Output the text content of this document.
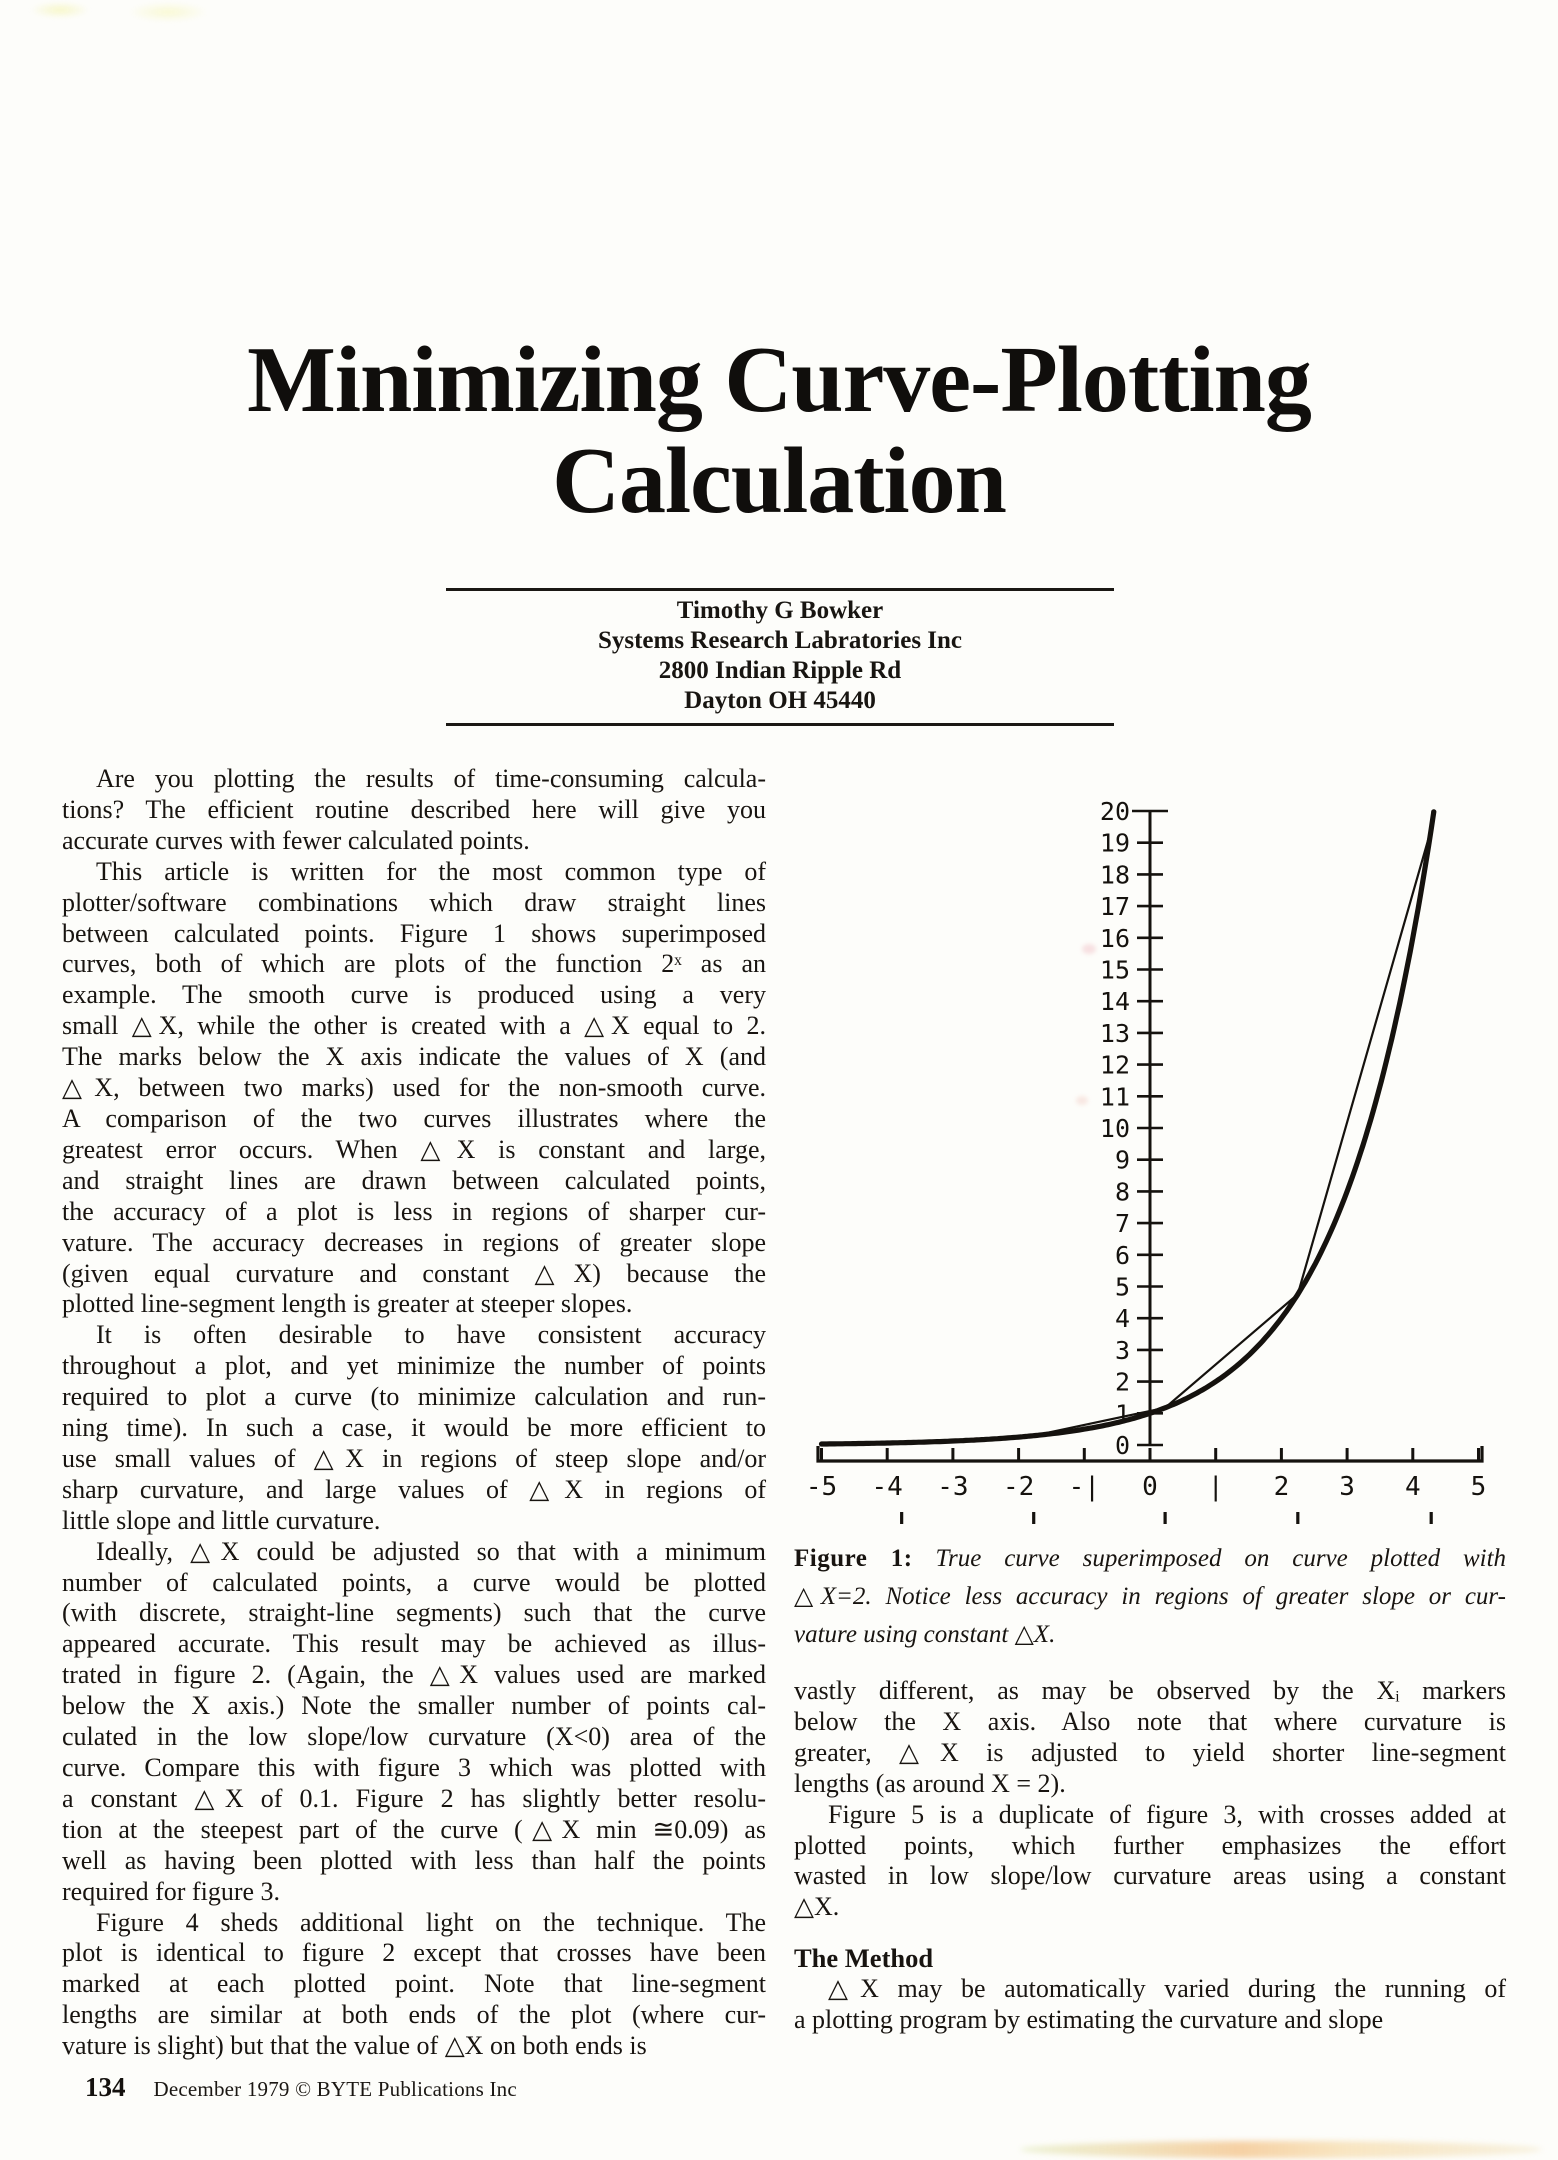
Minimizing Curve-Plotting
Calculation
Timothy G Bowker
Systems Research Labratories Inc
2800 Indian Ripple Rd
Dayton OH 45440
Are you plotting the results of time-consuming calcula-
tions? The efficient routine described here will give you
accurate curves with fewer calculated points.
This article is written for the most common type of
plotter/software combinations which draw straight lines
between calculated points. Figure 1 shows superimposed
curves, both of which are plots of the function 2ˣ as an
example. The smooth curve is produced using a very
small △X, while the other is created with a △X equal to 2.
The marks below the X axis indicate the values of X (and
△X, between two marks) used for the non-smooth curve.
A comparison of the two curves illustrates where the
greatest error occurs. When △X is constant and large,
and straight lines are drawn between calculated points,
the accuracy of a plot is less in regions of sharper cur-
vature. The accuracy decreases in regions of greater slope
(given equal curvature and constant △X) because the
plotted line-segment length is greater at steeper slopes.
It is often desirable to have consistent accuracy
throughout a plot, and yet minimize the number of points
required to plot a curve (to minimize calculation and run-
ning time). In such a case, it would be more efficient to
use small values of △X in regions of steep slope and/or
sharp curvature, and large values of △X in regions of
little slope and little curvature.
Ideally, △X could be adjusted so that with a minimum
number of calculated points, a curve would be plotted
(with discrete, straight-line segments) such that the curve
appeared accurate. This result may be achieved as illus-
trated in figure 2. (Again, the △X values used are marked
below the X axis.) Note the smaller number of points cal-
culated in the low slope/low curvature (X<0) area of the
curve. Compare this with figure 3 which was plotted with
a constant △X of 0.1. Figure 2 has slightly better resolu-
tion at the steepest part of the curve (△X min ≅0.09) as
well as having been plotted with less than half the points
required for figure 3.
Figure 4 sheds additional light on the technique. The
plot is identical to figure 2 except that crosses have been
marked at each plotted point. Note that line-segment
lengths are similar at both ends of the plot (where cur-
vature is slight) but that the value of △X on both ends is
0
1
2
3
4
5
6
7
8
9
10
11
12
13
14
15
16
17
18
19
20
-5 -4 -3 -2 -| 0 | 2 3 4 5
Figure 1: True curve superimposed on curve plotted with
△X=2. Notice less accuracy in regions of greater slope or cur-
vature using constant △X.
vastly different, as may be observed by the Xᵢ markers
below the X axis. Also note that where curvature is
greater, △X is adjusted to yield shorter line-segment
lengths (as around X = 2).
Figure 5 is a duplicate of figure 3, with crosses added at
plotted points, which further emphasizes the effort
wasted in low slope/low curvature areas using a constant
△X.
The Method
△X may be automatically varied during the running of
a plotting program by estimating the curvature and slope
134 December 1979 © BYTE Publications Inc
